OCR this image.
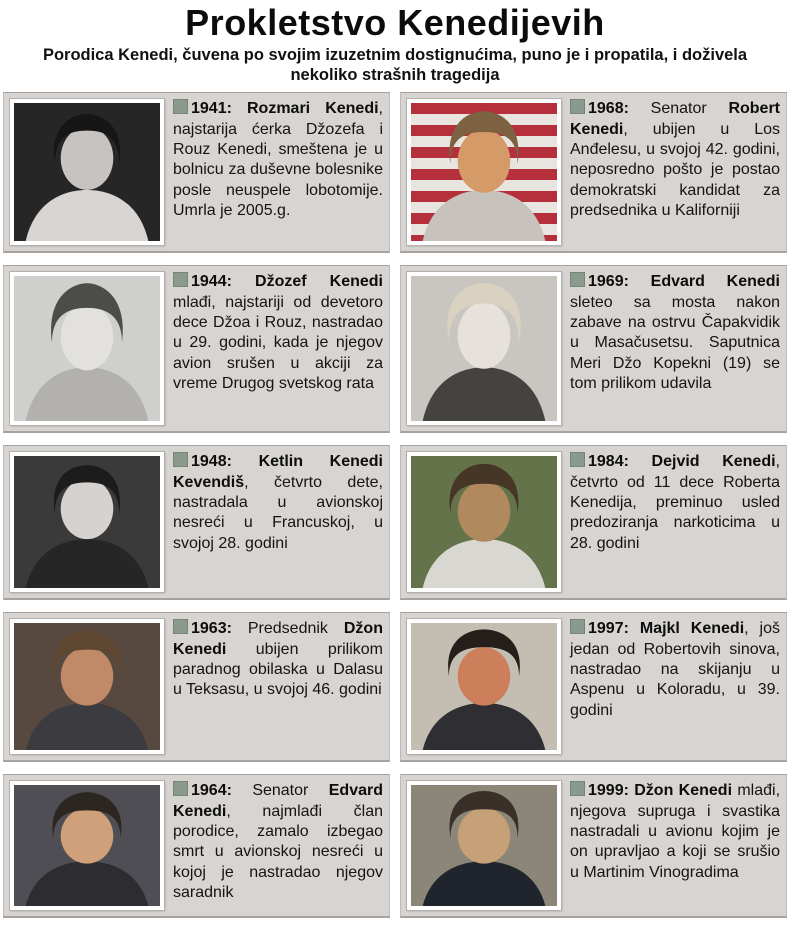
Prokletstvo Kenedijevih

Porodica Kenedi, čuvena po svojim izuzetnim dostignućima, puno je i propatila, i doživela nekoliko strašnih tragedija

1941: Rozmari Kenedi, najstarija ćerka Džozefa i Rouz Kenedi, smeštena je u bolnicu za duševne bolesnike posle neuspele lobotomije. Umrla je 2005.g.

1944: Džozef Kenedi mlađi, najstariji od devetoro dece Džoa i Rouz, nastradao u 29. godini, kada je njegov avion srušen u akciji za vreme Drugog svetskog rata

1948: Ketlin Kenedi Kevendiš, četvrto dete, nastradala u avionskoj nesreći u Francuskoj, u svojoj 28. godini

1963: Predsednik Džon Kenedi ubijen prilikom paradnog obilaska u Dalasu u Teksasu, u svojoj 46. godini

1964: Senator Edvard Kenedi, najmlađi član porodice, zamalo izbegao smrt u avionskoj nesreći u kojoj je nastradao njegov saradnik

1968: Senator Robert Kenedi, ubijen u Los Anđelesu, u svojoj 42. godini, neposredno pošto je postao demokratski kandidat za predsednika u Kaliforniji

1969: Edvard Kenedi sleteo sa mosta nakon zabave na ostrvu Čapakvidik u Masačusetsu. Saputnica Meri Džo Kopekni (19) se tom prilikom udavila

1984: Dejvid Kenedi, četvrto od 11 dece Roberta Kenedija, preminuo usled predoziranja narkoticima u 28. godini

1997: Majkl Kenedi, još jedan od Robertovih sinova, nastradao na skijanju u Aspenu u Koloradu, u 39. godini

1999: Džon Kenedi mlađi, njegova supruga i svastika nastradali u avionu kojim je on upravljao a koji se srušio u Martinim Vinogradima
